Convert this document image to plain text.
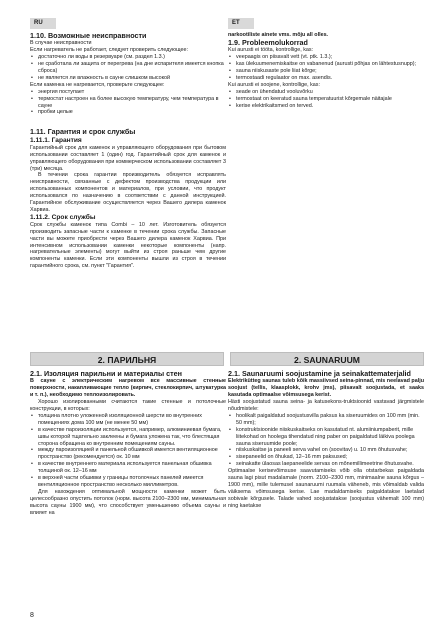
RU	ET
1.10. Возможные неисправности
В случае неисправности
Если нагреватель не работает, следует проверить следующее:
• достаточно ли воды в резервуаре (см. раздел 1.3.)
• не сработала ли защита от перегрева (на дне испарителя имеется кнопка сброса)
• не является ли влажность в сауне слишком высокой
Если каменка не нагревается, проверьте следующее:
• энергия поступает
• термостат настроен на более высокую температуру, чем температура в сауне
• пробки целые
1.11. Гарантия и срок службы
1.11.1. Гарантия
Гарантийный срок для каменок и управляющего оборудования при бытовом использовании составляет 1 (один) год. Гарантийный срок для каменок и управляющего оборудования при коммерческом использовании составляет 3 (три) месяца.
В течении срока гарантии производитель обязуется исправлять неисправности, связанные с дефектом производства продукции или использованных компонентов и материалов, при условии, что продукт использовался по назначению в соответствии с данной инструкцией. Гарантийное обслуживание осуществляется через Вашего дилера каменок Харвиа.
1.11.2. Срок службы
Срок службы каменок типа Combi – 10 лет. Изготовитель обязуется производить запасные части к каменке в течении срока службы. Запасные части вы можете приобрести через Вашего дилера каменок Харвиа. При интенсивном использовании каменки некоторые компоненты (напр. нагревательные элементы) могут выйти из строя раньше чем другие компоненты каменки. Если эти компоненты вышли из строя в течении гарантийного срока, см. пункт "Гарантия".
narkootiliste ainete vms. mõju all olles.
1.9. Probleemolukorrad
Kui aurusti ei tööta, kontrollige, kas:
• veepaagis on piisavalt vett (vt. ptk. 1.3.);
• kas ülekuumenemiskaitse on vabanenud (aurusti põhjas on lähtestusnupp);
• sauna niiskusaste pole liiat kõrge;
• termostaadi regulaator on max. asendis.
Kui aurusti ei soojene, kontrollige, kas:
• seade on ühendatud vooluvõrku
• termostaat on keeratud sauna temperatuurist kõrgemale näitajale
• kerise elektrikaitsmed on terved.
2. ПАРИЛЬНЯ	2. SAUNARUUM
2.1. Изоляция парильни и материалы стен
В сауне с электрическим нагревом все массивные стенные поверхности, накапливающие тепло (кирпич, стеклокирпич, штукатурка и т. п.), необходимо теплоизолировать.
Хорошо изолированными считаются такие стенные и потолочные конструкции, в которых:
• толщина плотно уложенной изоляционной шерсти во внутренних помещениях дома 100 мм (не менее 50 мм)
• в качестве пароизоляции используется, например, алюминиевая бумага, швы которой тщательно заклеены и бумага уложена так, что блестящая сторона обращена ко внутренним помещениям сауны.
• между пароизоляцией и панельной обшивкой имеется вентиляционное пространство (рекомендуется) ок. 10 мм
• в качестве внутреннего материала используется панельная обшивка толщиной ок. 12–16 мм
• в верхней части обшивки у границы потолочных панелей имеется вентиляционное пространство несколько миллиметров.
Для нахождения оптимальной мощности каменки может быть целесообразно опустить потолок (норм. высота 2100–2300 мм, минимальная высота сауны 1900 мм), что способствует уменьшению объема сауны и влияет на
2.1. Saunaruumi soojustamine ja seinakattematerjalid
Elektrikütteg saunas tuleb kõik massiivsed seina-pinnad, mis neelavad palju soojust (tellis, klaasplokk, krohv jms), piisavalt soojustada, et saaks kasutada optimaalse võimsusega kerist.
Hästi soojustatud sauna seina- ja katusekons-truktsioonid vastavad järgmistele nõudmistele:
• hoolikalt paigaldatud soojustusvilla paksus ka siseruumides on 100 mm (min. 50 mm);
• konstruktsioonide niiskuskaitseks on kasutatud nt. alumiiniumpaberit, mille liitekohad on hoolega tihendatud ning paber on paigaldatud läikiva poolega sauna siseruumide poole;
• niiskuskaitse ja paneeli serva vahel on (soovitav) u. 10 mm õhutusvahe;
• sisepaneelid on õhukad, 12–16 mm paksused;
• seinakatte ülaosas laepaneelide servas on mõnemillimeetrine õhutusvahe.
Optimaalse kerisevõimsuse saavutamiseks võib olla otstarbekas paigaldada sauna lagi pisut madalamale (norm. 2100–2300 mm, minimaalne sauna kõrgus – 1900 mm), mille tulemusel saunaruumi ruumala väheneb, mis võimaldab valida väiksema võimsusega kerise. Lae madaldamiseks paigaldatakse laetalad sobivale kõrgusele. Talade vahed soojustatakse (soojustus vähemalt 100 mm) ning kaetakse
8
